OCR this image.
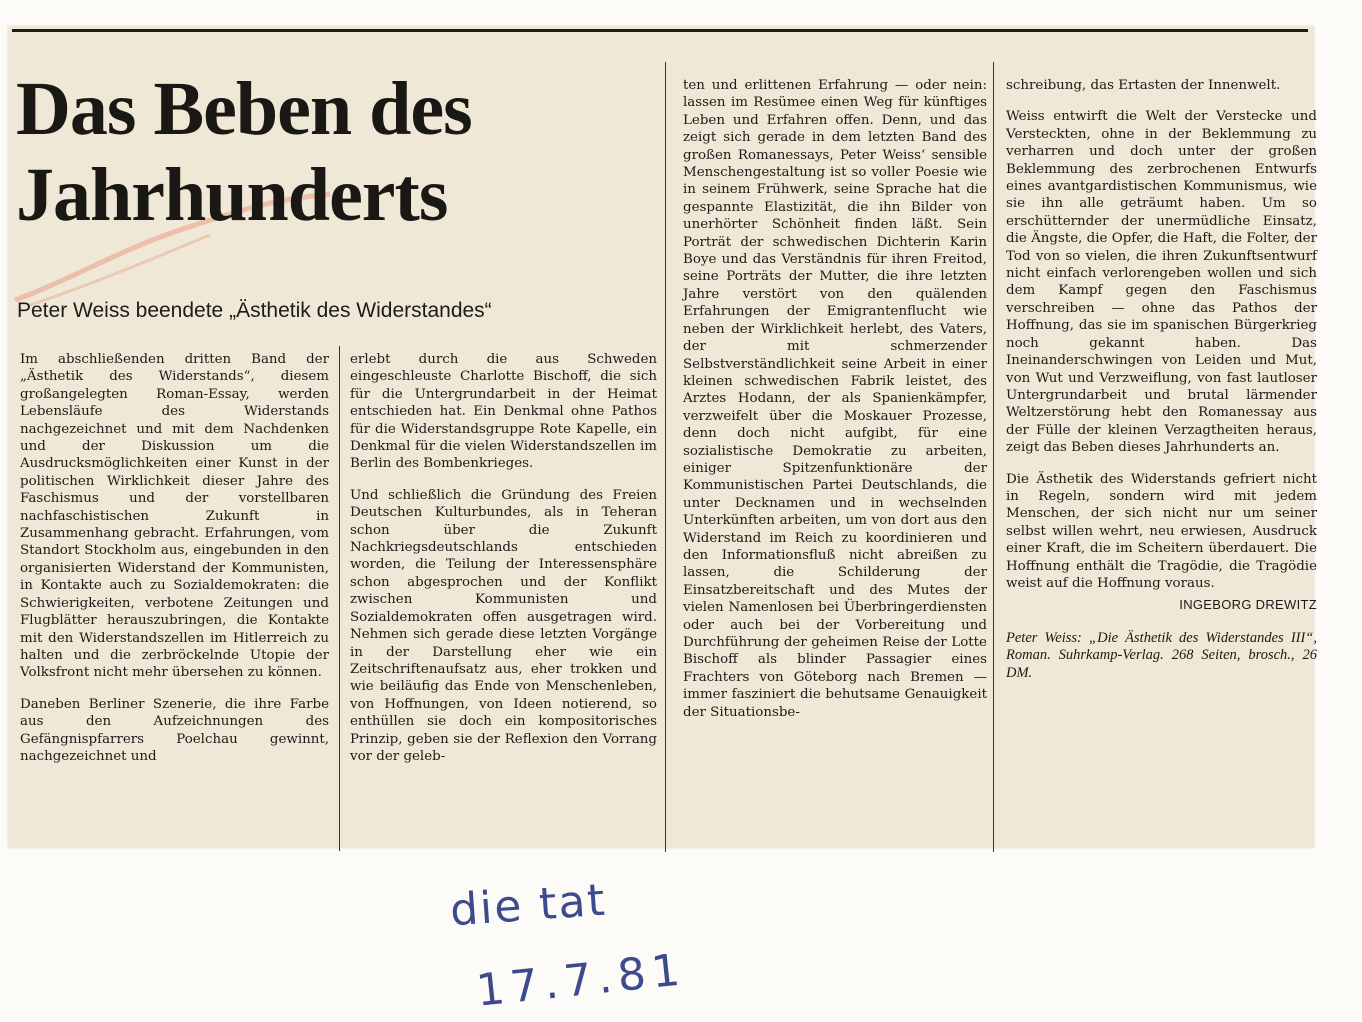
Das Beben des
Jahrhunderts
Peter Weiss beendete „Ästhetik des Widerstandes“

Im abschließenden dritten Band der „Ästhetik des Widerstands“, diesem großangelegten Roman-Essay, werden Lebensläufe des Widerstands nachgezeichnet und mit dem Nachdenken und der Diskussion um die Ausdrucksmöglichkeiten einer Kunst in der politischen Wirklichkeit dieser Jahre des Faschismus und der vorstellbaren nachfaschistischen Zukunft in Zusammenhang gebracht. Erfahrungen, vom Standort Stockholm aus, eingebunden in den organisierten Widerstand der Kommunisten, in Kontakte auch zu Sozialdemokraten: die Schwierigkeiten, verbotene Zeitungen und Flugblätter herauszubringen, die Kontakte mit den Widerstandszellen im Hitlerreich zu halten und die zerbröckelnde Utopie der Volksfront nicht mehr übersehen zu können.

Daneben Berliner Szenerie, die ihre Farbe aus den Aufzeichnungen des Gefängnispfarrers Poelchau gewinnt, nachgezeichnet und

erlebt durch die aus Schweden eingeschleuste Charlotte Bischoff, die sich für die Untergrundarbeit in der Heimat entschieden hat. Ein Denkmal ohne Pathos für die Widerstandsgruppe Rote Kapelle, ein Denkmal für die vielen Widerstandszellen im Berlin des Bombenkrieges.

Und schließlich die Gründung des Freien Deutschen Kulturbundes, als in Teheran schon über die Zukunft Nachkriegsdeutschlands entschieden worden, die Teilung der Interessensphäre schon abgesprochen und der Konflikt zwischen Kommunisten und Sozialdemokraten offen ausgetragen wird. Nehmen sich gerade diese letzten Vorgänge in der Darstellung eher wie ein Zeitschriftenaufsatz aus, eher trokken und wie beiläufig das Ende von Menschenleben, von Hoffnungen, von Ideen notierend, so enthüllen sie doch ein kompositorisches Prinzip, geben sie der Reflexion den Vorrang vor der geleb-

ten und erlittenen Erfahrung — oder nein: lassen im Resümee einen Weg für künftiges Leben und Erfahren offen. Denn, und das zeigt sich gerade in dem letzten Band des großen Romanessays, Peter Weiss‘ sensible Menschengestaltung ist so voller Poesie wie in seinem Frühwerk, seine Sprache hat die gespannte Elastizität, die ihn Bilder von unerhörter Schönheit finden läßt. Sein Porträt der schwedischen Dichterin Karin Boye und das Verständnis für ihren Freitod, seine Porträts der Mutter, die ihre letzten Jahre verstört von den quälenden Erfahrungen der Emigrantenflucht wie neben der Wirklichkeit herlebt, des Vaters, der mit schmerzender Selbstverständlichkeit seine Arbeit in einer kleinen schwedischen Fabrik leistet, des Arztes Hodann, der als Spanienkämpfer, verzweifelt über die Moskauer Prozesse, denn doch nicht aufgibt, für eine sozialistische Demokratie zu arbeiten, einiger Spitzenfunktionäre der Kommunistischen Partei Deutschlands, die unter Decknamen und in wechselnden Unterkünften arbeiten, um von dort aus den Widerstand im Reich zu koordinieren und den Informationsfluß nicht abreißen zu lassen, die Schilderung der Einsatzbereitschaft und des Mutes der vielen Namenlosen bei Überbringerdiensten oder auch bei der Vorbereitung und Durchführung der geheimen Reise der Lotte Bischoff als blinder Passagier eines Frachters von Göteborg nach Bremen — immer fasziniert die behutsame Genauigkeit der Situationsbe-

schreibung, das Ertasten der Innenwelt.

Weiss entwirft die Welt der Verstecke und Versteckten, ohne in der Beklemmung zu verharren und doch unter der großen Beklemmung des zerbrochenen Entwurfs eines avantgardistischen Kommunismus, wie sie ihn alle geträumt haben. Um so erschütternder der unermüdliche Einsatz, die Ängste, die Opfer, die Haft, die Folter, der Tod von so vielen, die ihren Zukunftsentwurf nicht einfach verlorengeben wollen und sich dem Kampf gegen den Faschismus verschreiben — ohne das Pathos der Hoffnung, das sie im spanischen Bürgerkrieg noch gekannt haben. Das Ineinanderschwingen von Leiden und Mut, von Wut und Verzweiflung, von fast lautloser Untergrundarbeit und brutal lärmender Weltzerstörung hebt den Romanessay aus der Fülle der kleinen Verzagtheiten heraus, zeigt das Beben dieses Jahrhunderts an.

Die Ästhetik des Widerstands gefriert nicht in Regeln, sondern wird mit jedem Menschen, der sich nicht nur um seiner selbst willen wehrt, neu erwiesen, Ausdruck einer Kraft, die im Scheitern überdauert. Die Hoffnung enthält die Tragödie, die Tragödie weist auf die Hoffnung voraus.

INGEBORG DREWITZ

Peter Weiss: „Die Ästhetik des Widerstandes III“, Roman. Suhrkamp-Verlag. 268 Seiten, brosch., 26 DM.

die tat
17.7.81
